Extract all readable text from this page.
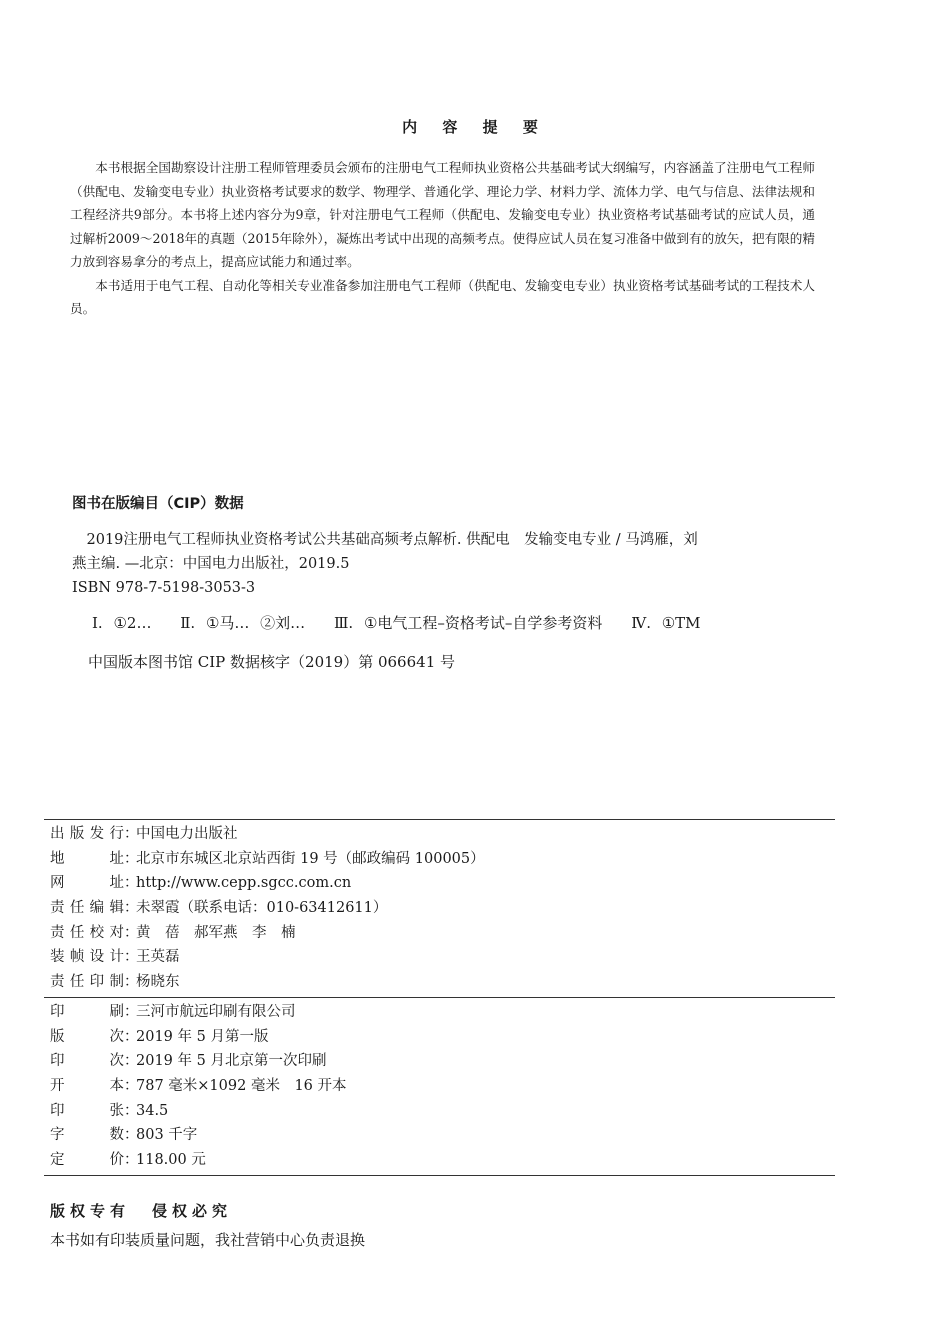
内 容 提 要

本书根据全国勘察设计注册工程师管理委员会颁布的注册电气工程师执业资格公共基础考试大纲编写，内容涵盖了注册电气工程师（供配电、发输变电专业）执业资格考试要求的数学、物理学、普通化学、理论力学、材料力学、流体力学、电气与信息、法律法规和工程经济共9部分。本书将上述内容分为9章，针对注册电气工程师（供配电、发输变电专业）执业资格考试基础考试的应试人员，通过解析2009～2018年的真题（2015年除外），凝炼出考试中出现的高频考点。使得应试人员在复习准备中做到有的放矢，把有限的精力放到容易拿分的考点上，提高应试能力和通过率。

本书适用于电气工程、自动化等相关专业准备参加注册电气工程师（供配电、发输变电专业）执业资格考试基础考试的工程技术人员。

图书在版编目（CIP）数据
2019注册电气工程师执业资格考试公共基础高频考点解析. 供配电　发输变电专业 / 马鸿雁，刘
燕主编. —北京：中国电力出版社，2019.5
ISBN 978-7-5198-3053-3
Ⅰ. ①2… Ⅱ. ①马… ②刘… Ⅲ. ①电气工程–资格考试–自学参考资料 Ⅳ. ①TM
中国版本图书馆 CIP 数据核字（2019）第 066641 号
出版发行 ：
中国电力出版社
地址 ：
北京市东城区北京站西街 19 号（邮政编码 100005）
网址 ：
http://www.cepp.sgcc.com.cn
责任编辑 ：
未翠霞（联系电话：010-63412611）
责任校对 ：
黄　蓓　郝军燕　李　楠
装帧设计 ：
王英磊
责任印制 ：
杨晓东
印刷 ：
三河市航远印刷有限公司
版次 ：
2019 年 5 月第一版
印次 ：
2019 年 5 月北京第一次印刷
开本 ：
787 毫米×1092 毫米　16 开本
印张 ：
34.5
字数 ：
803 千字
定价 ：
118.00 元
版权专有 侵权必究
本书如有印装质量问题，我社营销中心负责退换
